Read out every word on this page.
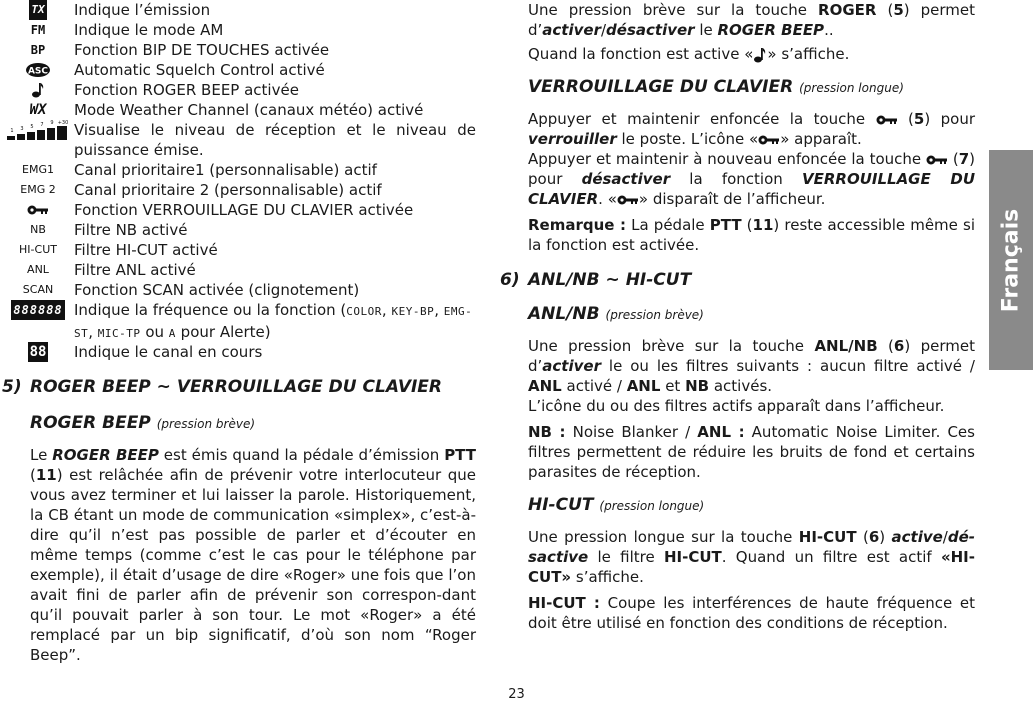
TX Indique l’émission
FM Indique le mode AM
BP Fonction BIP DE TOUCHES activée
ASC Automatic Squelch Control activé
Fonction ROGER BEEP activée
WX Mode Weather Channel (canaux météo) activé
1 3 5 7 9 +30 Visualise le niveau de réception et le niveau de puissance émise.
EMG1 Canal prioritaire1 (personnalisable) actif
EMG 2 Canal prioritaire 2 (personnalisable) actif
Fonction VERROUILLAGE DU CLAVIER activée
NB Filtre NB activé
HI-CUT Filtre HI-CUT activé
ANL Filtre ANL activé
SCAN Fonction SCAN activée (clignotement)
888888 Indique la fréquence ou la fonction (COLOR, KEY-BP, EMG-ST, MIC-TP ou A pour Alerte)
88 Indique le canal en cours
5) ROGER BEEP ~ VERROUILLAGE DU CLAVIER
ROGER BEEP (pression brève)

Le ROGER BEEP est émis quand la pédale d’émission PTT (11) est relâchée afin de prévenir votre interlocuteur que vous avez terminer et lui laisser la parole. Historiquement, la CB étant un mode de communication «simplex», c’est-à-dire qu’il n’est pas possible de parler et d’écouter en même temps (comme c’est le cas pour le téléphone par exemple), il était d’usage de dire «Roger» une fois que l’on avait fini de parler afin de prévenir son correspon-dant qu’il pouvait parler à son tour. Le mot «Roger» a été remplacé par un bip significatif, d’où son nom “Roger Beep”.

Une pression brève sur la touche ROGER (5) permet d’activer/désactiver le ROGER BEEP..

Quand la fonction est active « » s’affiche.

VERROUILLAGE DU CLAVIER (pression longue)

Appuyer et maintenir enfoncée la touche  (5) pour verrouiller le poste. L’icône « » apparaît.

Appuyer et maintenir à nouveau enfoncée la touche  (7) pour désactiver la fonction VERROUILLAGE DU CLAVIER. « » disparaît de l’afficheur.

Remarque : La pédale PTT (11) reste accessible même si la fonction est activée.

6) ANL/NB ~ HI-CUT
ANL/NB (pression brève)

Une pression brève sur la touche ANL/NB (6) permet d’activer le ou les filtres suivants : aucun filtre activé / ANL activé / ANL et NB activés.

L’icône du ou des filtres actifs apparaît dans l’afficheur.

NB : Noise Blanker / ANL : Automatic Noise Limiter. Ces filtres permettent de réduire les bruits de fond et certains parasites de réception.

HI-CUT (pression longue)

Une pression longue sur la touche HI-CUT (6) active/dé-sactive le filtre HI-CUT. Quand un filtre est actif «HI-CUT» s’affiche.

HI-CUT : Coupe les interférences de haute fréquence et doit être utilisé en fonction des conditions de réception.

Français
23
